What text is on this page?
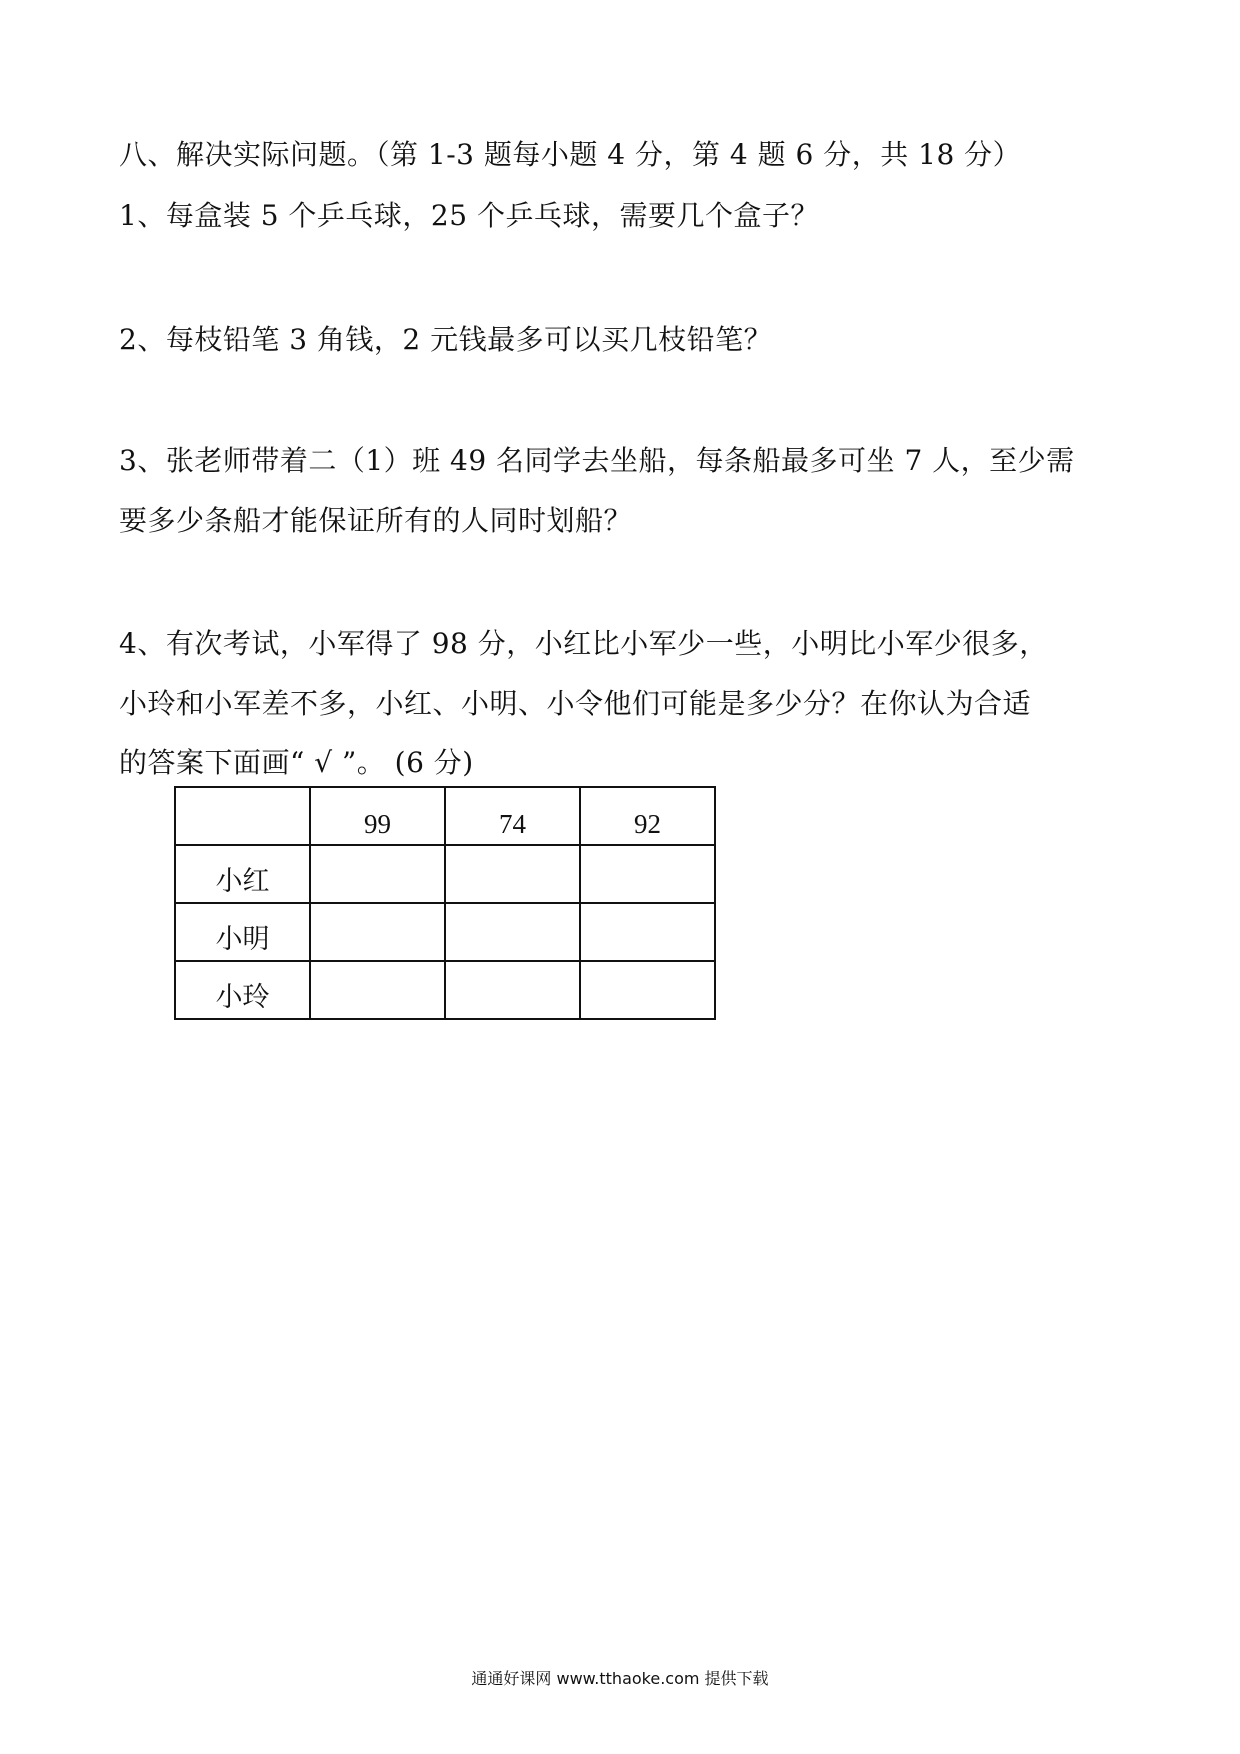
八、解决实际问题。（第 1-3 题每小题 4 分，第 4 题 6 分，共 18 分）
1、每盒装 5 个乒乓球，25 个乒乓球，需要几个盒子？
2、每枝铅笔 3 角钱，2 元钱最多可以买几枝铅笔？
3、张老师带着二（1）班 49 名同学去坐船，每条船最多可坐 7 人，至少需
要多少条船才能保证所有的人同时划船？
4、有次考试，小军得了 98 分，小红比小军少一些，小明比小军少很多，
小玲和小军差不多，小红、小明、小令他们可能是多少分？在你认为合适
的答案下面画“ √ ”。 (6 分)
	99	74	92
小红			
小明			
小玲			
通通好课网 www.tthaoke.com 提供下载
